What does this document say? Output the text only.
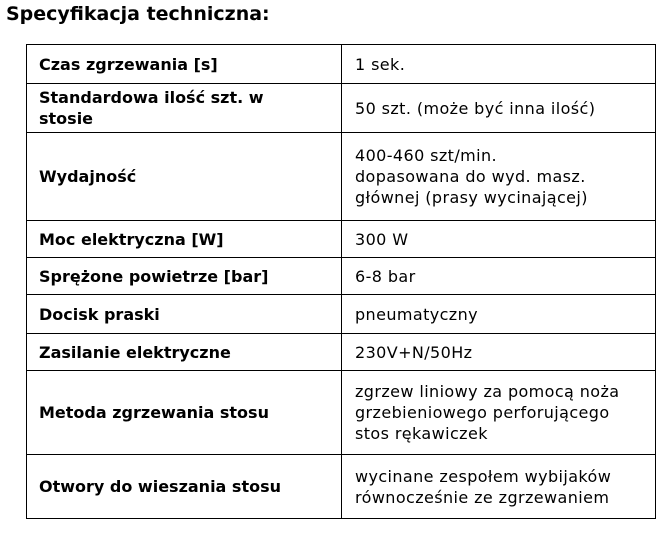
Specyfikacja techniczna:
Czas zgrzewania [s]	1 sek.

Standardowa ilość szt. w
stosie	50 szt. (może być inna ilość)

Wydajność	400-460 szt/min.
dopasowana do wyd. masz.
głównej (prasy wycinającej)

Moc elektryczna [W]	300 W

Sprężone powietrze [bar]	6-8 bar

Docisk praski	pneumatyczny

Zasilanie elektryczne	230V+N/50Hz

Metoda zgrzewania stosu	zgrzew liniowy za pomocą noża
grzebieniowego perforującego
stos rękawiczek

Otwory do wieszania stosu	wycinane zespołem wybijaków
równocześnie ze zgrzewaniem
